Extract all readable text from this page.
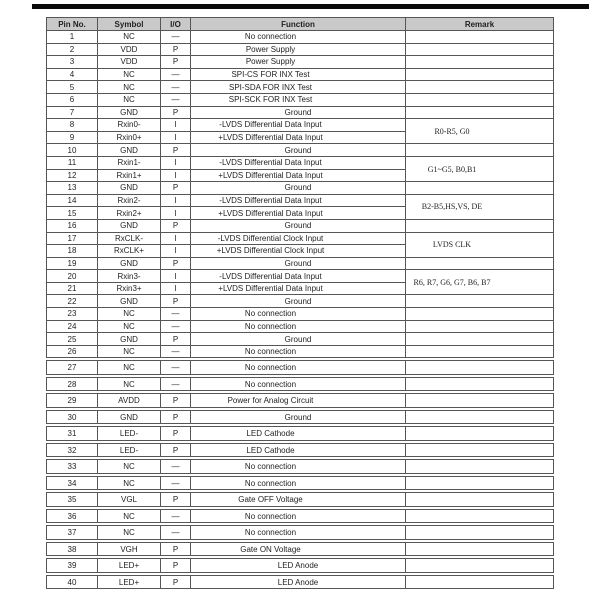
Pin No.	Symbol	I/O	Function	Remark
1	NC	—	No connection	
2	VDD	P	Power Supply	
3	VDD	P	Power Supply	
4	NC	—	SPI-CS FOR INX Test	
5	NC	—	SPI-SDA FOR INX Test	
6	NC	—	SPI-SCK FOR INX Test	
7	GND	P	Ground	
8	Rxin0-	I	-LVDS Differential Data Input	R0-R5, G0
9	Rxin0+	I	+LVDS Differential Data Input	
10	GND	P	Ground	
11	Rxin1-	I	-LVDS Differential Data Input	G1~G5, B0,B1
12	Rxin1+	I	+LVDS Differential Data Input	
13	GND	P	Ground	
14	Rxin2-	I	-LVDS Differential Data Input	B2-B5,HS,VS, DE
15	Rxin2+	I	+LVDS Differential Data Input	
16	GND	P	Ground	
17	RxCLK-	I	-LVDS Differential Clock Input	LVDS CLK
18	RxCLK+	I	+LVDS Differential Clock Input	
19	GND	P	Ground	
20	Rxin3-	I	-LVDS Differential Data Input	R6, R7, G6, G7, B6, B7
21	Rxin3+	I	+LVDS Differential Data Input	
22	GND	P	Ground	
23	NC	—	No connection	
24	NC	—	No connection	
25	GND	P	Ground	
26	NC	—	No connection	
27	NC	—	No connection	
28	NC	—	No connection	
29	AVDD	P	Power for Analog Circuit	
30	GND	P	Ground	
31	LED-	P	LED Cathode	
32	LED-	P	LED Cathode	
33	NC	—	No connection	
34	NC	—	No connection	
35	VGL	P	Gate OFF Voltage	
36	NC	—	No connection	
37	NC	—	No connection	
38	VGH	P	Gate ON Voltage	
39	LED+	P	LED Anode	
40	LED+	P	LED Anode	
